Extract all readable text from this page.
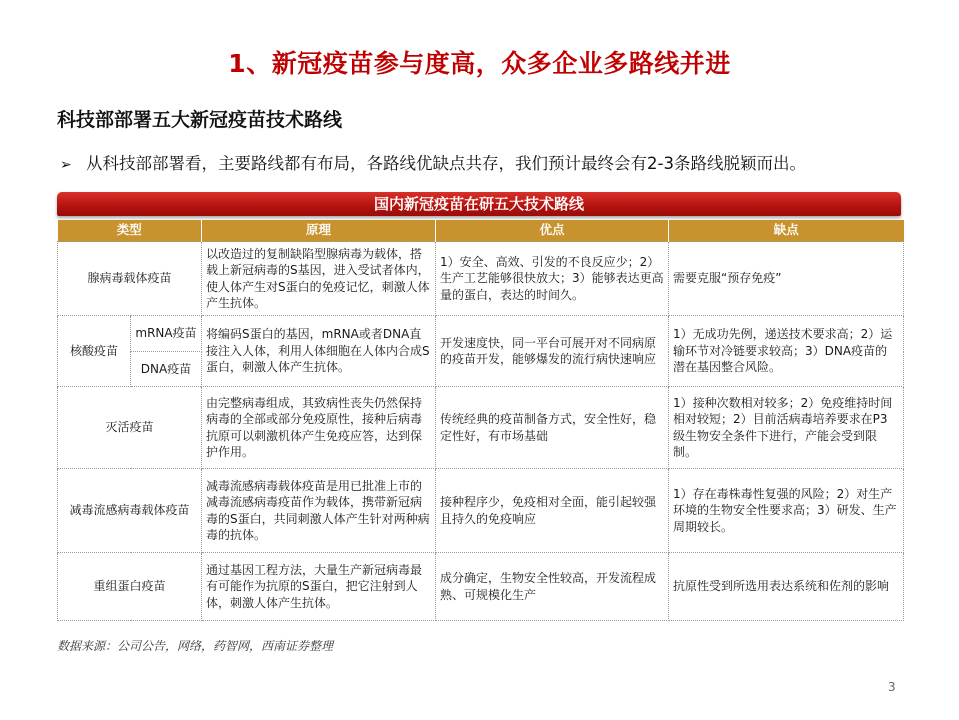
1、新冠疫苗参与度高，众多企业多路线并进
科技部部署五大新冠疫苗技术路线
➢ 从科技部部署看，主要路线都有布局，各路线优缺点共存，我们预计最终会有2-3条路线脱颖而出。
国内新冠疫苗在研五大技术路线
类型		原理	优点	缺点
腺病毒载体疫苗		以改造过的复制缺陷型腺病毒为载体，搭载上新冠病毒的S基因，进入受试者体内，使人体产生对S蛋白的免疫记忆，刺激人体产生抗体。	1）安全、高效、引发的不良反应少；2）生产工艺能够很快放大；3）能够表达更高量的蛋白，表达的时间久。	需要克服“预存免疫”
核酸疫苗	mRNA疫苗	将编码S蛋白的基因，mRNA或者DNA直接注入人体，利用人体细胞在人体内合成S蛋白，刺激人体产生抗体。	开发速度快，同一平台可展开对不同病原的疫苗开发，能够爆发的流行病快速响应	1）无成功先例，递送技术要求高；2）运输环节对冷链要求较高；3）DNA疫苗的潜在基因整合风险。
	DNA疫苗			
灭活疫苗		由完整病毒组成，其致病性丧失仍然保持病毒的全部或部分免疫原性，接种后病毒抗原可以刺激机体产生免疫应答，达到保护作用。	传统经典的疫苗制备方式，安全性好，稳定性好，有市场基础	1）接种次数相对较多；2）免疫维持时间相对较短；2）目前活病毒培养要求在P3级生物安全条件下进行，产能会受到限制。
减毒流感病毒载体疫苗		减毒流感病毒载体疫苗是用已批准上市的减毒流感病毒疫苗作为载体，携带新冠病毒的S蛋白，共同刺激人体产生针对两种病毒的抗体。	接种程序少，免疫相对全面，能引起较强且持久的免疫响应	1）存在毒株毒性复强的风险；2）对生产环境的生物安全性要求高；3）研发、生产周期较长。
重组蛋白疫苗		通过基因工程方法，大量生产新冠病毒最有可能作为抗原的S蛋白，把它注射到人体，刺激人体产生抗体。	成分确定，生物安全性较高，开发流程成熟、可规模化生产	抗原性受到所选用表达系统和佐剂的影响
数据来源：公司公告，网络，药智网，西南证券整理
3
